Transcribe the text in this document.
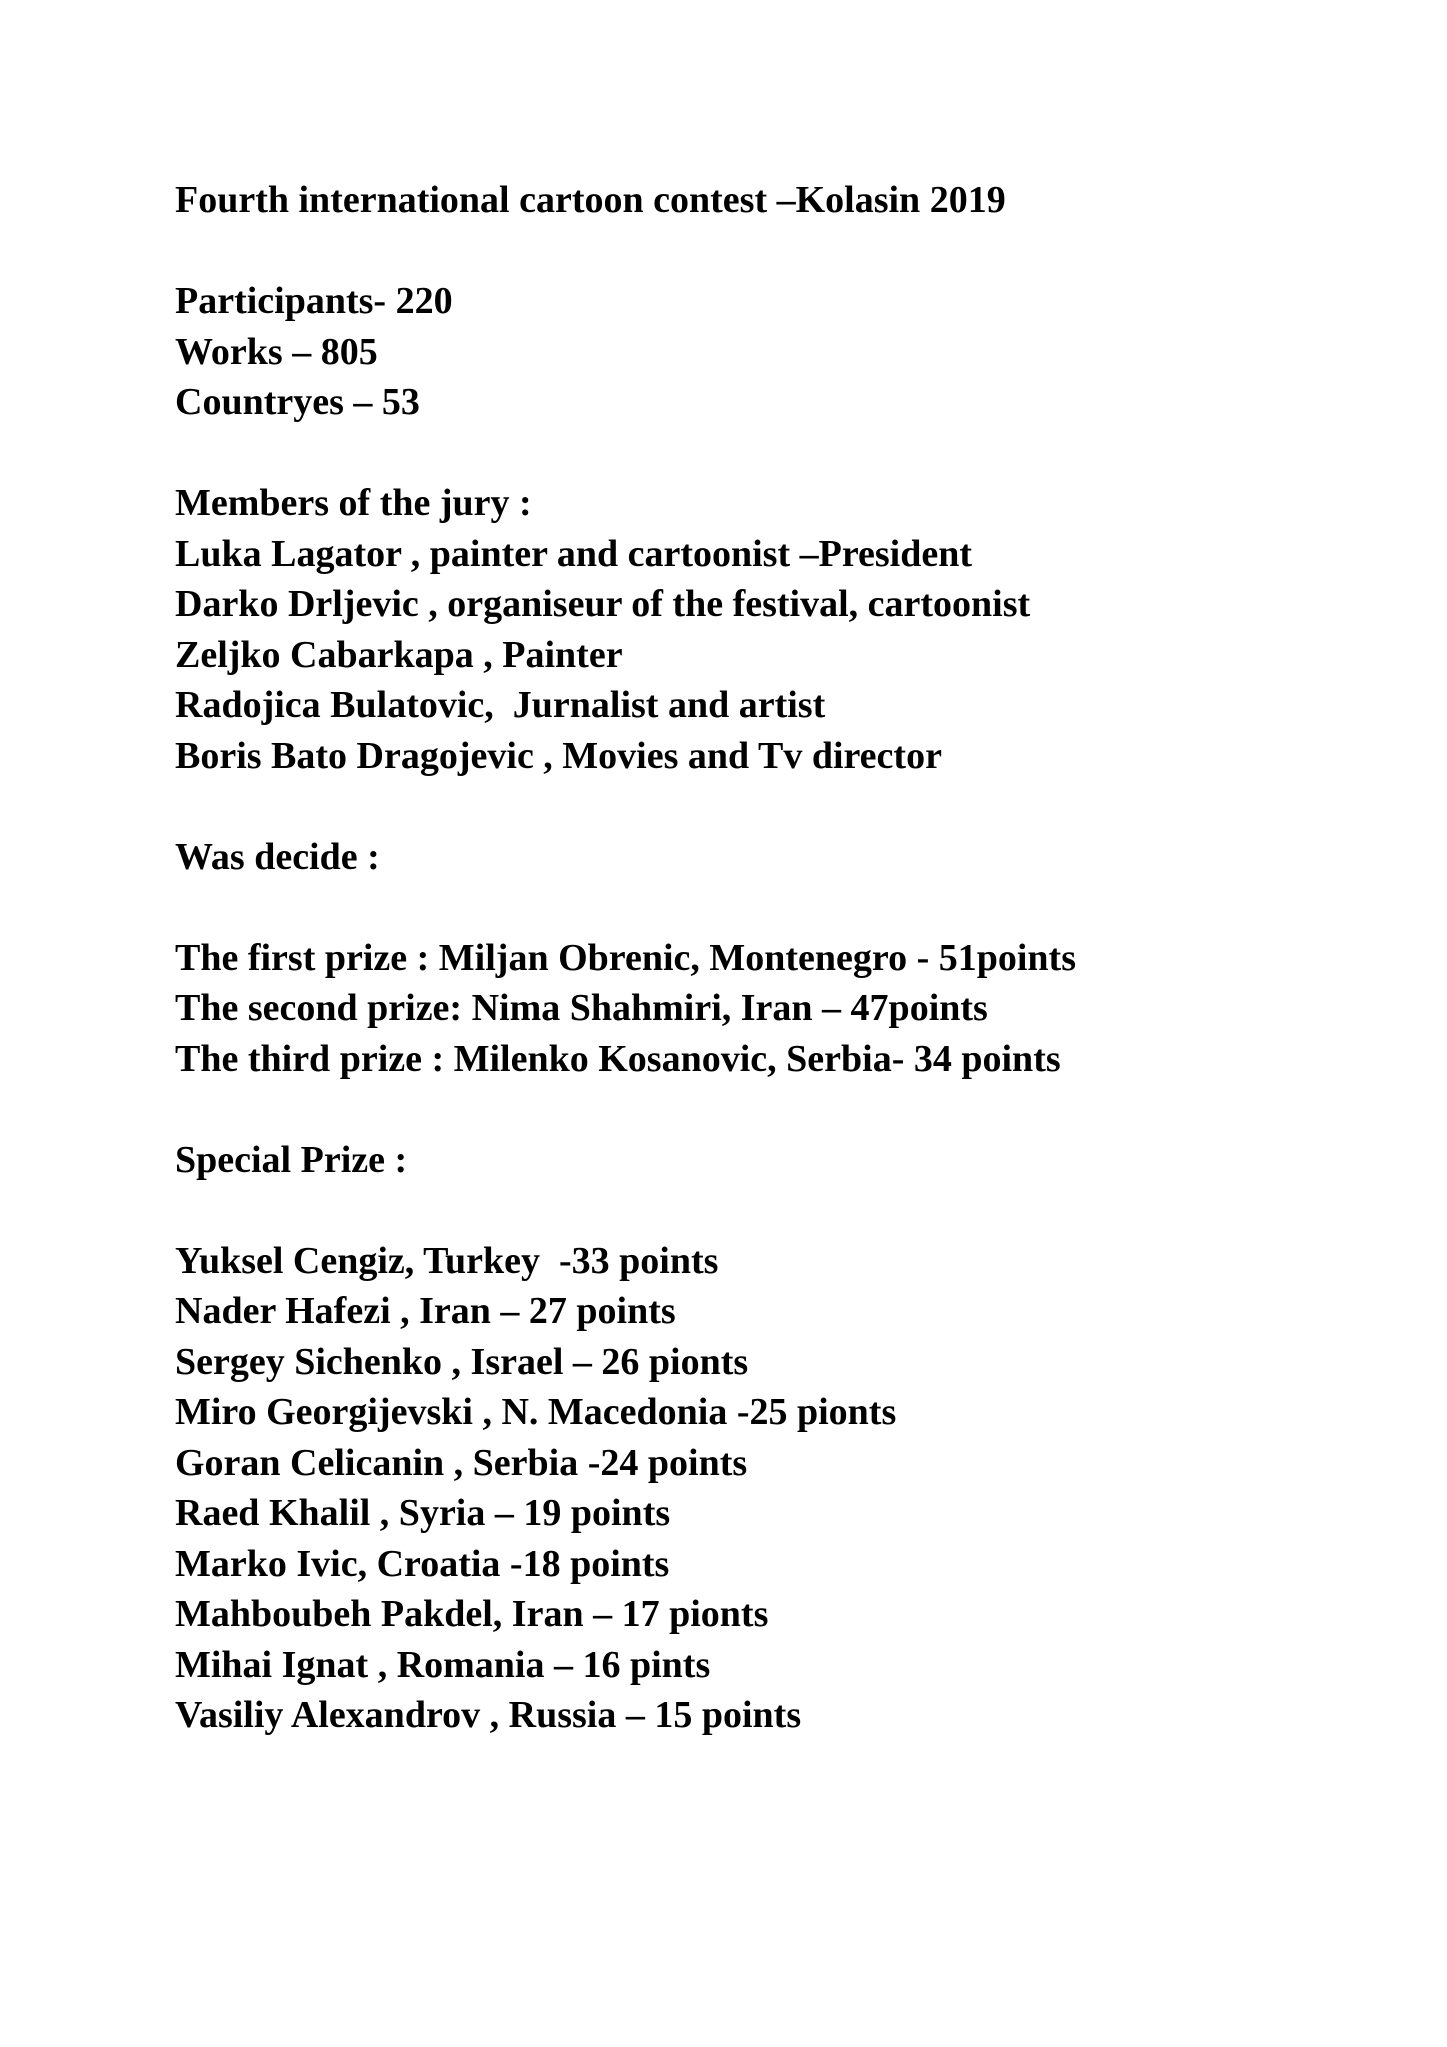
Fourth international cartoon contest –Kolasin 2019
Participants- 220
Works – 805
Countryes – 53
Members of the jury :
Luka Lagator , painter and cartoonist –President
Darko Drljevic , organiseur of the festival, cartoonist
Zeljko Cabarkapa , Painter
Radojica Bulatovic,  Jurnalist and artist
Boris Bato Dragojevic , Movies and Tv director
Was decide :
The first prize : Miljan Obrenic, Montenegro - 51points
The second prize: Nima Shahmiri, Iran – 47points
The third prize : Milenko Kosanovic, Serbia- 34 points
Special Prize :
Yuksel Cengiz, Turkey  -33 points
Nader Hafezi , Iran – 27 points
Sergey Sichenko , Israel – 26 pionts
Miro Georgijevski , N. Macedonia -25 pionts
Goran Celicanin , Serbia -24 points
Raed Khalil , Syria – 19 points
Marko Ivic, Croatia -18 points
Mahboubeh Pakdel, Iran – 17 pionts
Mihai Ignat , Romania – 16 pints
Vasiliy Alexandrov , Russia – 15 points
